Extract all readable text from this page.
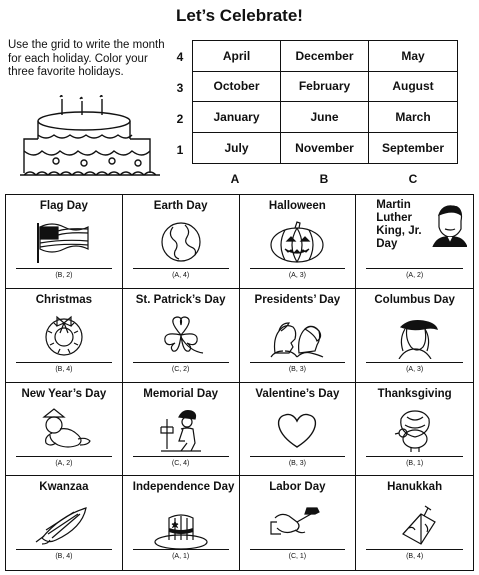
Let’s Celebrate!
Use the grid to write the month for each holiday. Color your three favorite holidays.
4
3
2
1
April	December	May
October	February	August
January	June	March
July	November	September
A	B	C
Flag Day
(B, 2)
Earth Day
(A, 4)
Halloween
(A, 3)
Martin Luther King, Jr. Day
(A, 2)
Christmas
(B, 4)
St. Patrick’s Day
(C, 2)
Presidents’ Day
(B, 3)
Columbus Day
(A, 3)
New Year’s Day
(A, 2)
Memorial Day
(C, 4)
Valentine’s Day
(B, 3)
Thanksgiving
(B, 1)
Kwanzaa
(B, 4)
Independence Day
(A, 1)
Labor Day
(C, 1)
Hanukkah
(B, 4)
